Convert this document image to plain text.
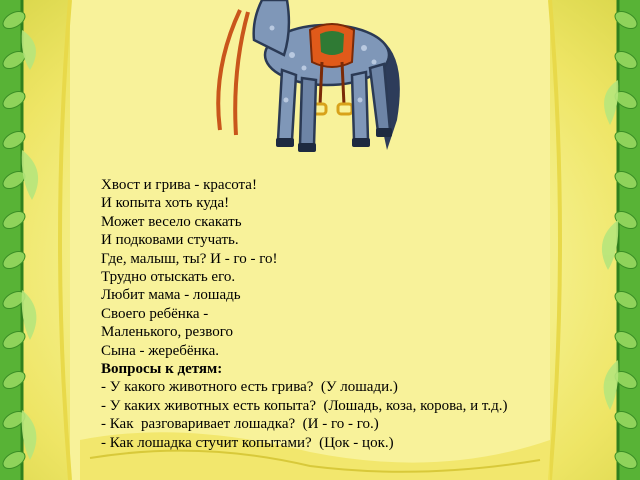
Хвост и грива - красота!
И копыта хоть куда!
Может весело скакать
И подковами стучать.
Где, малыш, ты? И - го - го!
Трудно отыскать его.
Любит мама - лошадь
Своего ребёнка -
Маленького, резвого
Сына - жеребёнка.
Вопросы к детям:
- У какого животного есть грива?  (У лошади.)
- У каких животных есть копыта?  (Лошадь, коза, корова, и т.д.)
- Как  разговаривает лошадка?  (И - го - го.)
- Как лошадка стучит копытами?  (Цок - цок.)
